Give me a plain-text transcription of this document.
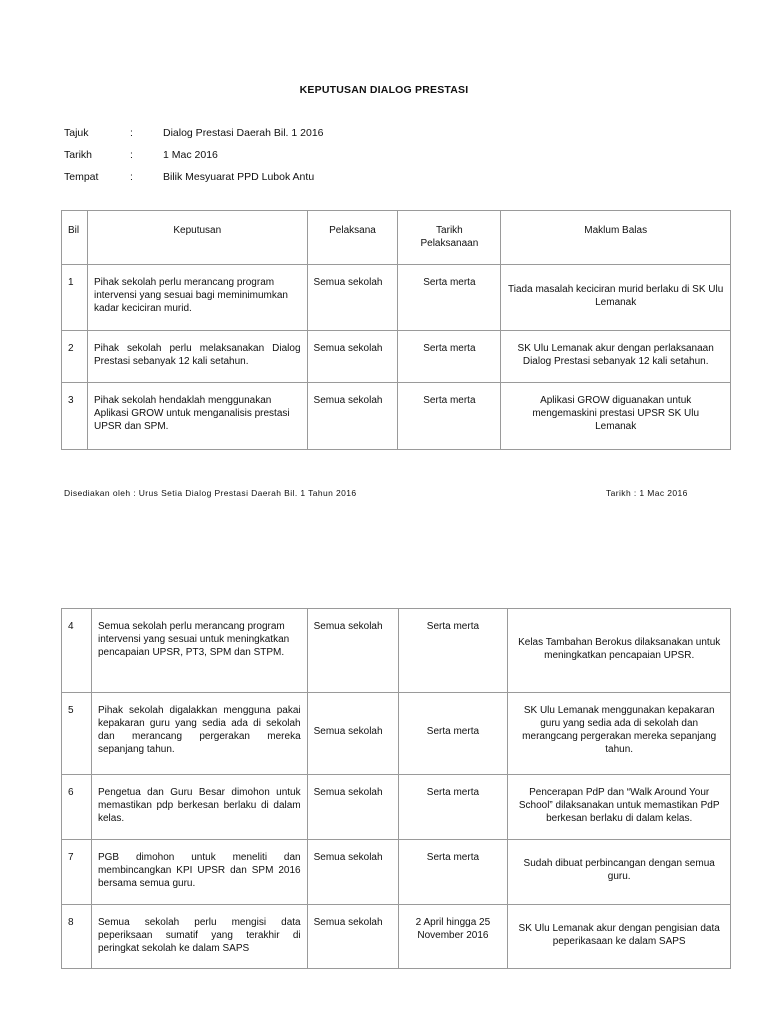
KEPUTUSAN DIALOG PRESTASI
Tajuk	:	Dialog Prestasi Daerah Bil. 1 2016
Tarikh	:	1 Mac 2016
Tempat	:	Bilik Mesyuarat PPD Lubok Antu
Bil	Keputusan	Pelaksana	Tarikh Pelaksanaan	Maklum Balas

1	Pihak sekolah perlu merancang program intervensi yang sesuai bagi meminimumkan kadar keciciran murid.	Semua sekolah	Serta merta	Tiada masalah keciciran murid berlaku di SK Ulu Lemanak

2	Pihak sekolah perlu melaksanakan Dialog Prestasi sebanyak 12 kali setahun.	Semua sekolah	Serta merta	SK Ulu Lemanak akur dengan perlaksanaan Dialog Prestasi sebanyak 12 kali setahun.

3	Pihak sekolah hendaklah menggunakan Aplikasi GROW untuk menganalisis prestasi UPSR dan SPM.	Semua sekolah	Serta merta	Aplikasi GROW diguanakan untuk mengemaskini prestasi UPSR SK Ulu Lemanak
Disediakan oleh : Urus Setia Dialog Prestasi Daerah Bil. 1 Tahun 2016	Tarikh : 1 Mac 2016
4	Semua sekolah perlu merancang program intervensi yang sesuai untuk meningkatkan pencapaian UPSR, PT3, SPM dan STPM.	Semua sekolah	Serta merta	Kelas Tambahan Berokus dilaksanakan untuk meningkatkan pencapaian UPSR.

5	Pihak sekolah digalakkan mengguna pakai kepakaran guru yang sedia ada di sekolah dan merancang pergerakan mereka sepanjang tahun.	Semua sekolah	Serta merta	SK Ulu Lemanak menggunakan kepakaran guru yang sedia ada di sekolah dan merangcang pergerakan mereka sepanjang tahun.

6	Pengetua dan Guru Besar dimohon untuk memastikan pdp berkesan berlaku di dalam kelas.	Semua sekolah	Serta merta	Pencerapan PdP dan “Walk Around Your School” dilaksanakan untuk memastikan PdP berkesan berlaku di dalam kelas.

7	PGB dimohon untuk meneliti dan membincangkan KPI UPSR dan SPM 2016 bersama semua guru.	Semua sekolah	Serta merta	Sudah dibuat perbincangan dengan semua guru.

8	Semua sekolah perlu mengisi data peperiksaan sumatif yang terakhir di peringkat sekolah ke dalam SAPS	Semua sekolah	2 April hingga 25 November 2016	SK Ulu Lemanak akur dengan pengisian data peperikasaan ke dalam SAPS
